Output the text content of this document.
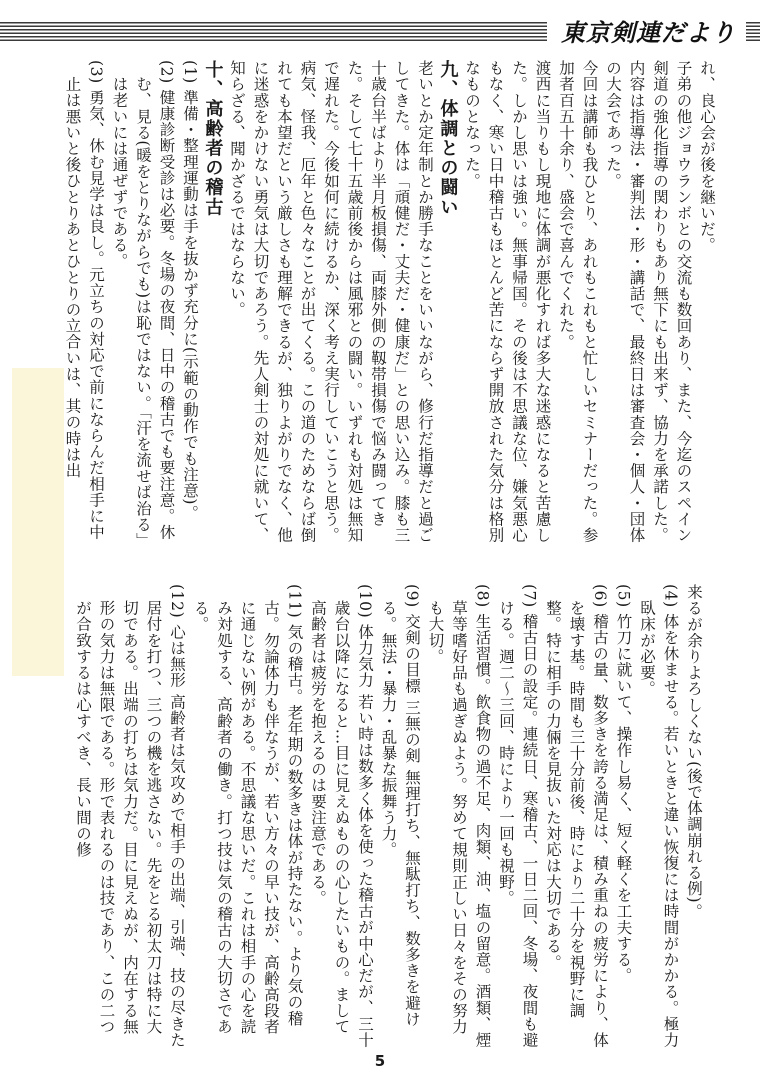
東京剣連だより

れ、良心会が後を継いだ。

子弟の他ジョウランボとの交流も数回あり、また、今迄のスペイン剣道の強化指導の関わりもあり無下にも出来ず、協力を承諾した。内容は指導法・審判法・形・講話で、最終日は審査会・個人・団体の大会であった。

今回は講師も我ひとり、あれもこれもと忙しいセミナーだった。参加者百五十余り、盛会で喜んでくれた。

渡西に当りもし現地に体調が悪化すれば多大な迷惑になると苦慮した。しかし思いは強い。無事帰国。その後は不思議な位、嫌気悪心もなく、寒い日中稽古もほとんど苦にならず開放された気分は格別なものとなった。

九、体調との闘い

老いとか定年制とか勝手なことをいいながら、修行だ指導だと過ごしてきた。体は「頑健だ・丈夫だ・健康だ」との思い込み。膝も三十歳台半ばより半月板損傷、両膝外側の靱帯損傷で悩み闘ってきた。そして七十五歳前後からは風邪との闘い。いずれも対処は無知で遅れた。今後如何に続けるか、深く考え実行していこうと思う。

病気、怪我、厄年と色々なことが出てくる。この道のためならば倒れても本望だという厳しさも理解できるが、独りよがりでなく、他に迷惑をかけない勇気は大切であろう。先人剣士の対処に就いて、知らざる、聞かざるではならない。

十、高齢者の稽古

(1) 準備・整理運動は手を抜かず充分に(示範の動作でも注意)。

(2) 健康診断受診は必要。冬場の夜間、日中の稽古でも要注意。休む、見る(暖をとりながらでも)は恥ではない。「汗を流せば治る」は老いには通ぜずである。

(3) 勇気、休む見学は良し。元立ちの対応で前にならんだ相手に中止は悪いと後ひとりあとひとりの立合いは、其の時は出

来るが余りよろしくない(後で体調崩れる例)。

(4) 体を休ませる。若いときと違い恢復には時間がかかる。極力臥床が必要。

(5) 竹刀に就いて、操作し易く、短く軽くを工夫する。

(6) 稽古の量、数多きを誇る満足は、積み重ねの疲労により、体を壊す基。時間も三十分前後、時により二十分を視野に調整。特に相手の力倆を見抜いた対応は大切である。

(7) 稽古日の設定。連続日、寒稽古、一日二回、冬場、夜間も避ける。週二～三回、時により一回も視野。

(8) 生活習慣。飲食物の過不足、肉類、油、塩の留意。酒類、煙草等嗜好品も過ぎぬよう。努めて規則正しい日々をその努力も大切。

(9) 交剣の目標 三無の剣 無理打ち、無駄打ち、数多きを避ける。無法・暴力・乱暴な振舞う力。

(10) 体力気力 若い時は数多く体を使った稽古が中心だが、三十歳台以降になると…目に見えぬものの心したいもの。まして高齢者は疲労を抱えるのは要注意である。

(11) 気の稽古。老年期の数多きは体が持たない。より気の稽古。勿論体力も伴なうが、若い方々の早い技が、高齢高段者に通じない例がある。不思議な思いだ。これは相手の心を読み対処する、高齢者の働き。打つ技は気の稽古の大切さである。

(12) 心は無形 高齢者は気攻めで相手の出端、引端、技の尽きた居付を打つ、三つの機を逃さない。先をとる初太刀は特に大切である。出端の打ちは気力だ。目に見えぬが、内在する無形の気力は無限である。形で表れるのは技であり、この二つが合致するは心すべき、長い間の修

5
